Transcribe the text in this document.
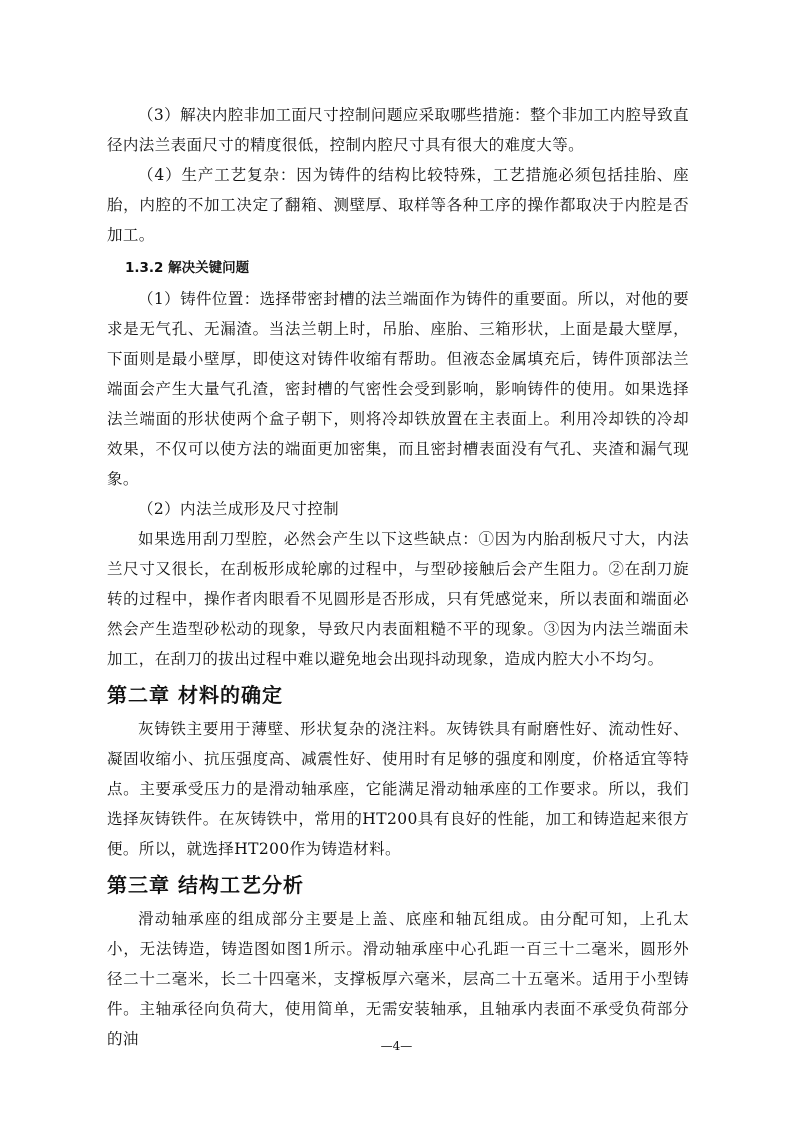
（3）解决内腔非加工面尺寸控制问题应采取哪些措施：整个非加工内腔导致直径内法兰表面尺寸的精度很低，控制内腔尺寸具有很大的难度大等。

（4）生产工艺复杂：因为铸件的结构比较特殊，工艺措施必须包括挂胎、座胎，内腔的不加工决定了翻箱、测壁厚、取样等各种工序的操作都取决于内腔是否加工。

1.3.2 解决关键问题

（1）铸件位置：选择带密封槽的法兰端面作为铸件的重要面。所以，对他的要求是无气孔、无漏渣。当法兰朝上时，吊胎、座胎、三箱形状，上面是最大壁厚，下面则是最小壁厚，即使这对铸件收缩有帮助。但液态金属填充后，铸件顶部法兰端面会产生大量气孔渣，密封槽的气密性会受到影响，影响铸件的使用。如果选择法兰端面的形状使两个盒子朝下，则将冷却铁放置在主表面上。利用冷却铁的冷却效果，不仅可以使方法的端面更加密集，而且密封槽表面没有气孔、夹渣和漏气现象。

（2）内法兰成形及尺寸控制

如果选用刮刀型腔，必然会产生以下这些缺点：①因为内胎刮板尺寸大，内法兰尺寸又很长，在刮板形成轮廓的过程中，与型砂接触后会产生阻力。②在刮刀旋转的过程中，操作者肉眼看不见圆形是否形成，只有凭感觉来，所以表面和端面必然会产生造型砂松动的现象，导致尺内表面粗糙不平的现象。③因为内法兰端面未加工，在刮刀的拔出过程中难以避免地会出现抖动现象，造成内腔大小不均匀。

第二章 材料的确定

灰铸铁主要用于薄壁、形状复杂的浇注料。灰铸铁具有耐磨性好、流动性好、凝固收缩小、抗压强度高、减震性好、使用时有足够的强度和刚度，价格适宜等特点。主要承受压力的是滑动轴承座，它能满足滑动轴承座的工作要求。所以，我们选择灰铸铁件。在灰铸铁中，常用的HT200具有良好的性能，加工和铸造起来很方便。所以，就选择HT200作为铸造材料。

第三章 结构工艺分析

滑动轴承座的组成部分主要是上盖、底座和轴瓦组成。由分配可知，上孔太小，无法铸造，铸造图如图1所示。滑动轴承座中心孔距一百三十二毫米，圆形外径二十二毫米，长二十四毫米，支撑板厚六毫米，层高二十五毫米。适用于小型铸件。主轴承径向负荷大，使用简单，无需安装轴承，且轴承内表面不承受负荷部分的油	—4—
